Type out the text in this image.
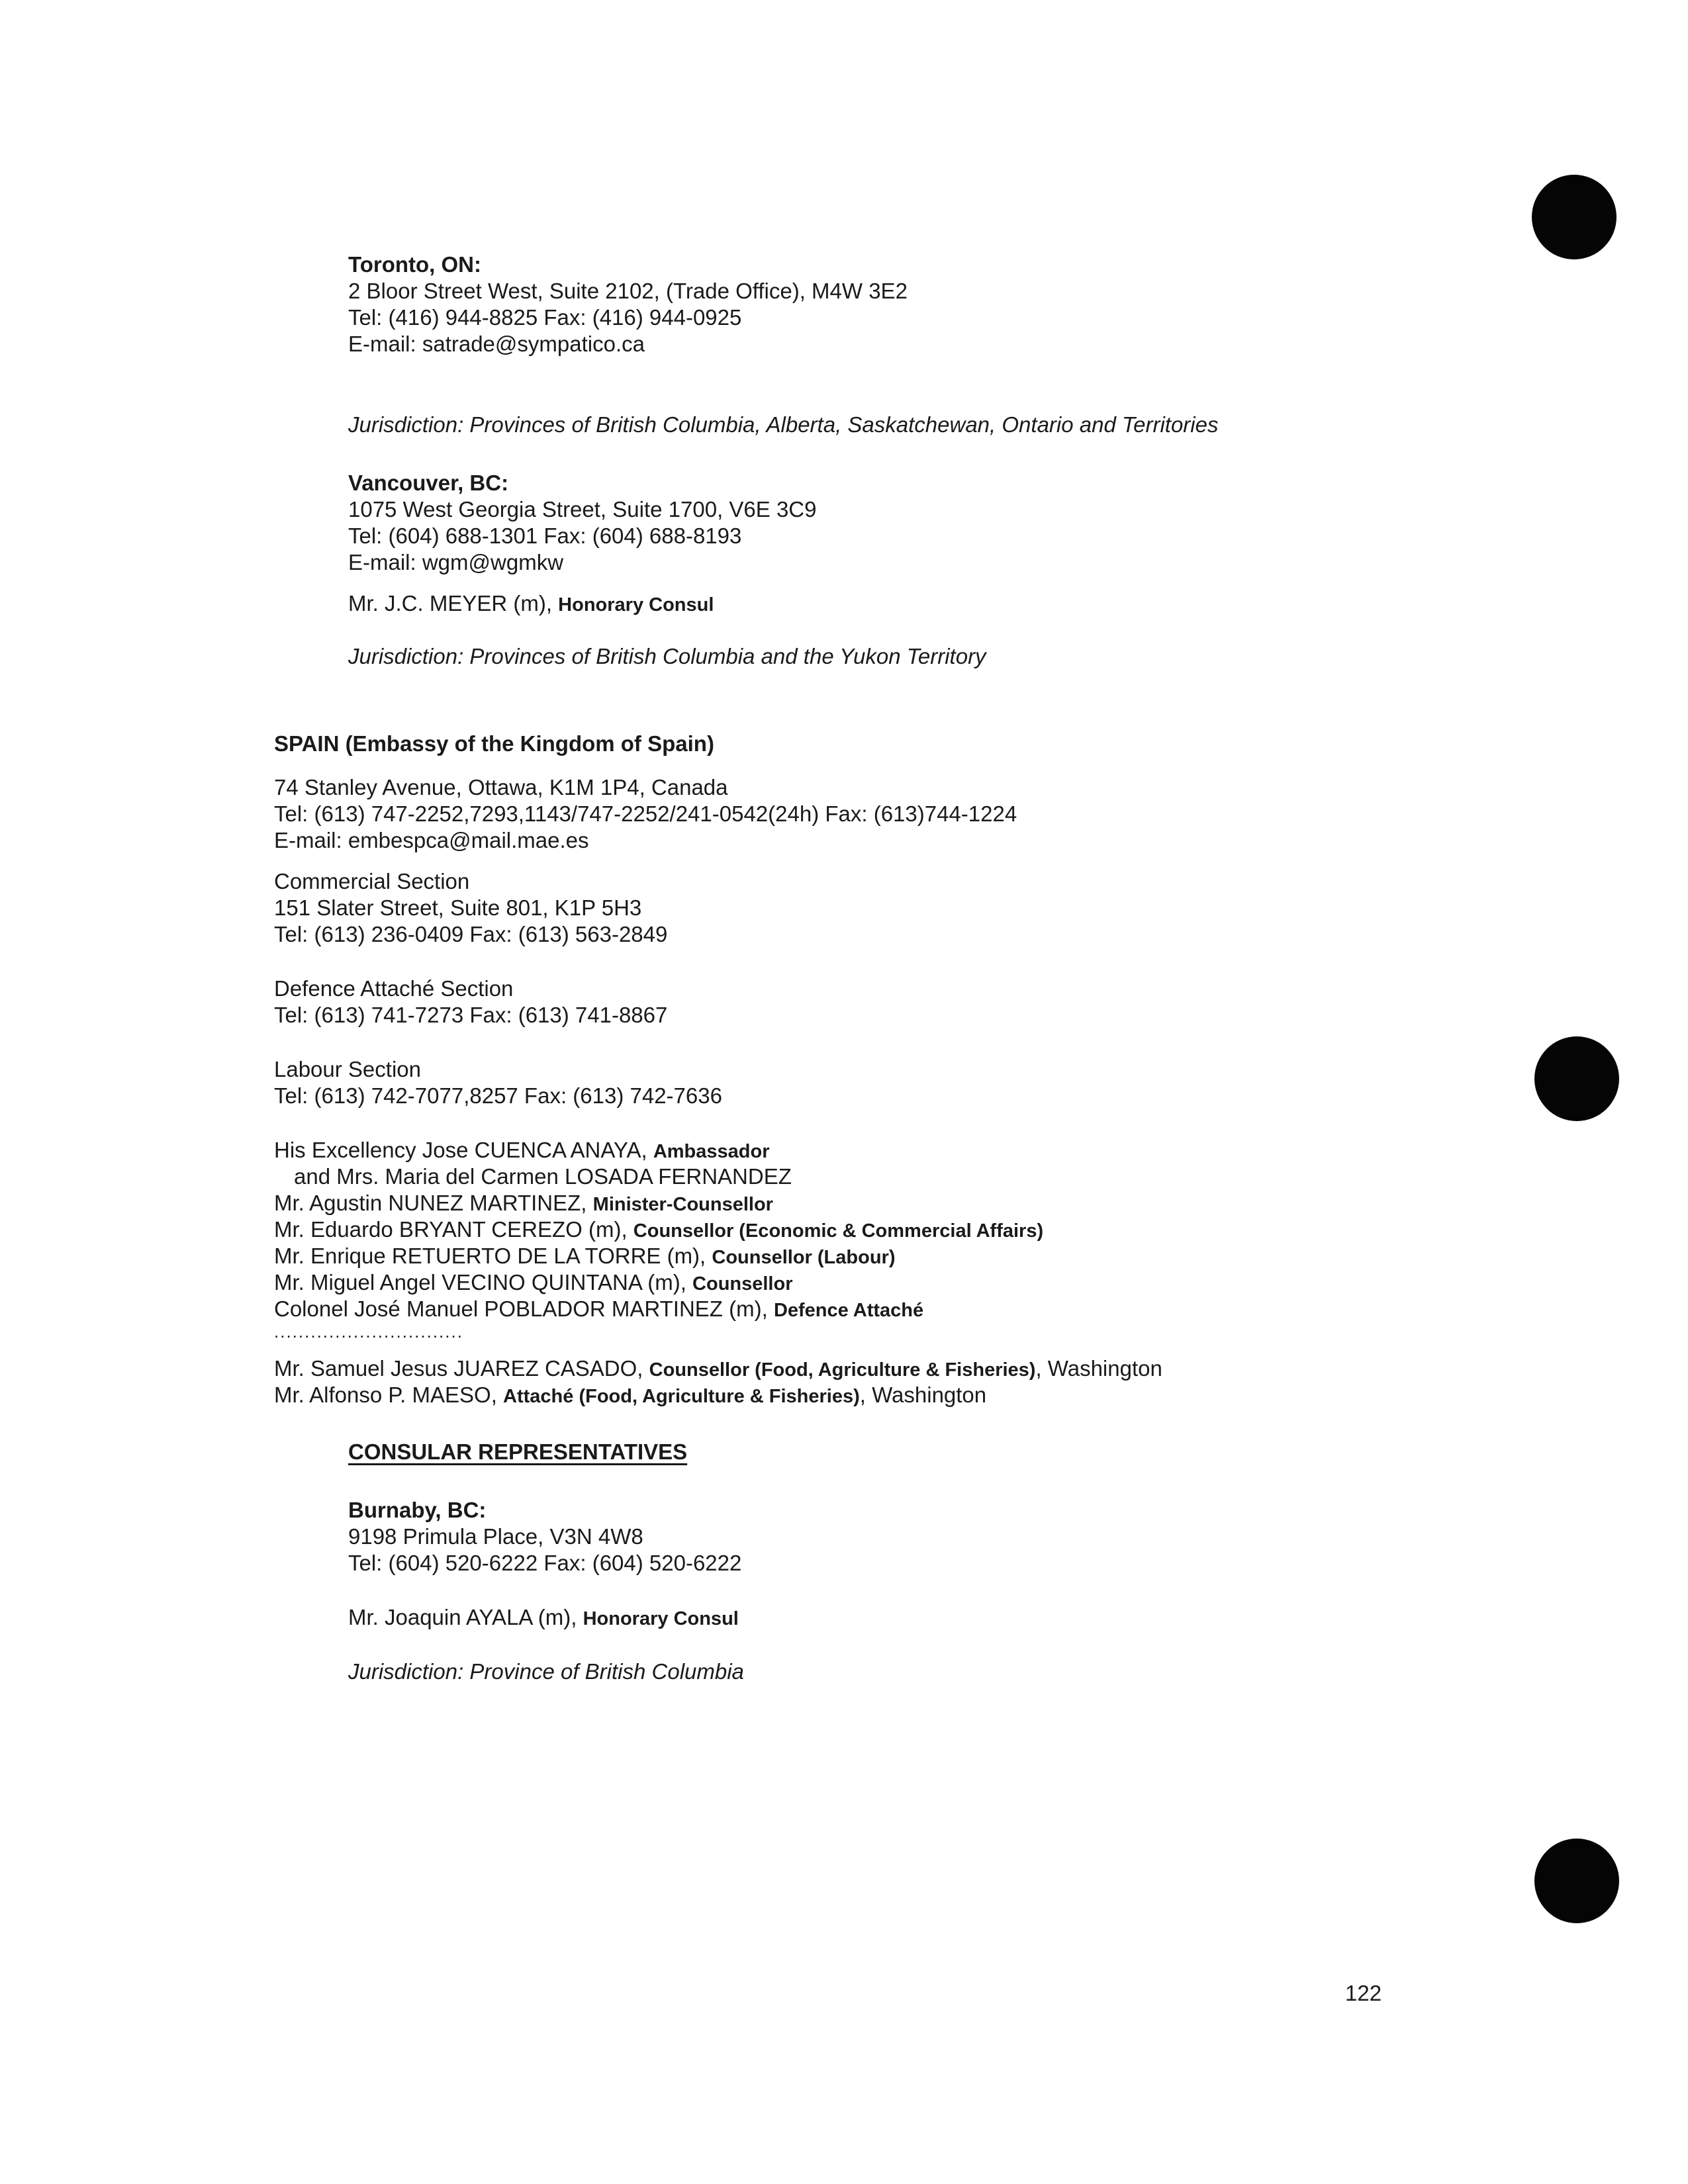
Toronto, ON:
2 Bloor Street West, Suite 2102, (Trade Office), M4W 3E2
Tel: (416) 944-8825 Fax: (416) 944-0925
E-mail: satrade@sympatico.ca
Jurisdiction: Provinces of British Columbia, Alberta, Saskatchewan, Ontario and Territories
Vancouver, BC:
1075 West Georgia Street, Suite 1700, V6E 3C9
Tel: (604) 688-1301 Fax: (604) 688-8193
E-mail: wgm@wgmkw
Mr. J.C. MEYER (m), Honorary Consul
Jurisdiction: Provinces of British Columbia and the Yukon Territory
SPAIN (Embassy of the Kingdom of Spain)
74 Stanley Avenue, Ottawa, K1M 1P4, Canada
Tel: (613) 747-2252,7293,1143/747-2252/241-0542(24h) Fax: (613)744-1224
E-mail: embespca@mail.mae.es
Commercial Section
151 Slater Street, Suite 801, K1P 5H3
Tel: (613) 236-0409 Fax: (613) 563-2849
Defence Attaché Section
Tel: (613) 741-7273 Fax: (613) 741-8867
Labour Section
Tel: (613) 742-7077,8257 Fax: (613) 742-7636
His Excellency Jose CUENCA ANAYA, Ambassador
and Mrs. Maria del Carmen LOSADA FERNANDEZ
Mr. Agustin NUNEZ MARTINEZ, Minister-Counsellor
Mr. Eduardo BRYANT CEREZO (m), Counsellor (Economic & Commercial Affairs)
Mr. Enrique RETUERTO DE LA TORRE (m), Counsellor (Labour)
Mr. Miguel Angel VECINO QUINTANA (m), Counsellor
Colonel José Manuel POBLADOR MARTINEZ (m), Defence Attaché
...............................
Mr. Samuel Jesus JUAREZ CASADO, Counsellor (Food, Agriculture & Fisheries), Washington
Mr. Alfonso P. MAESO, Attaché (Food, Agriculture & Fisheries), Washington
CONSULAR REPRESENTATIVES
Burnaby, BC:
9198 Primula Place, V3N 4W8
Tel: (604) 520-6222 Fax: (604) 520-6222
Mr. Joaquin AYALA (m), Honorary Consul
Jurisdiction: Province of British Columbia
122
